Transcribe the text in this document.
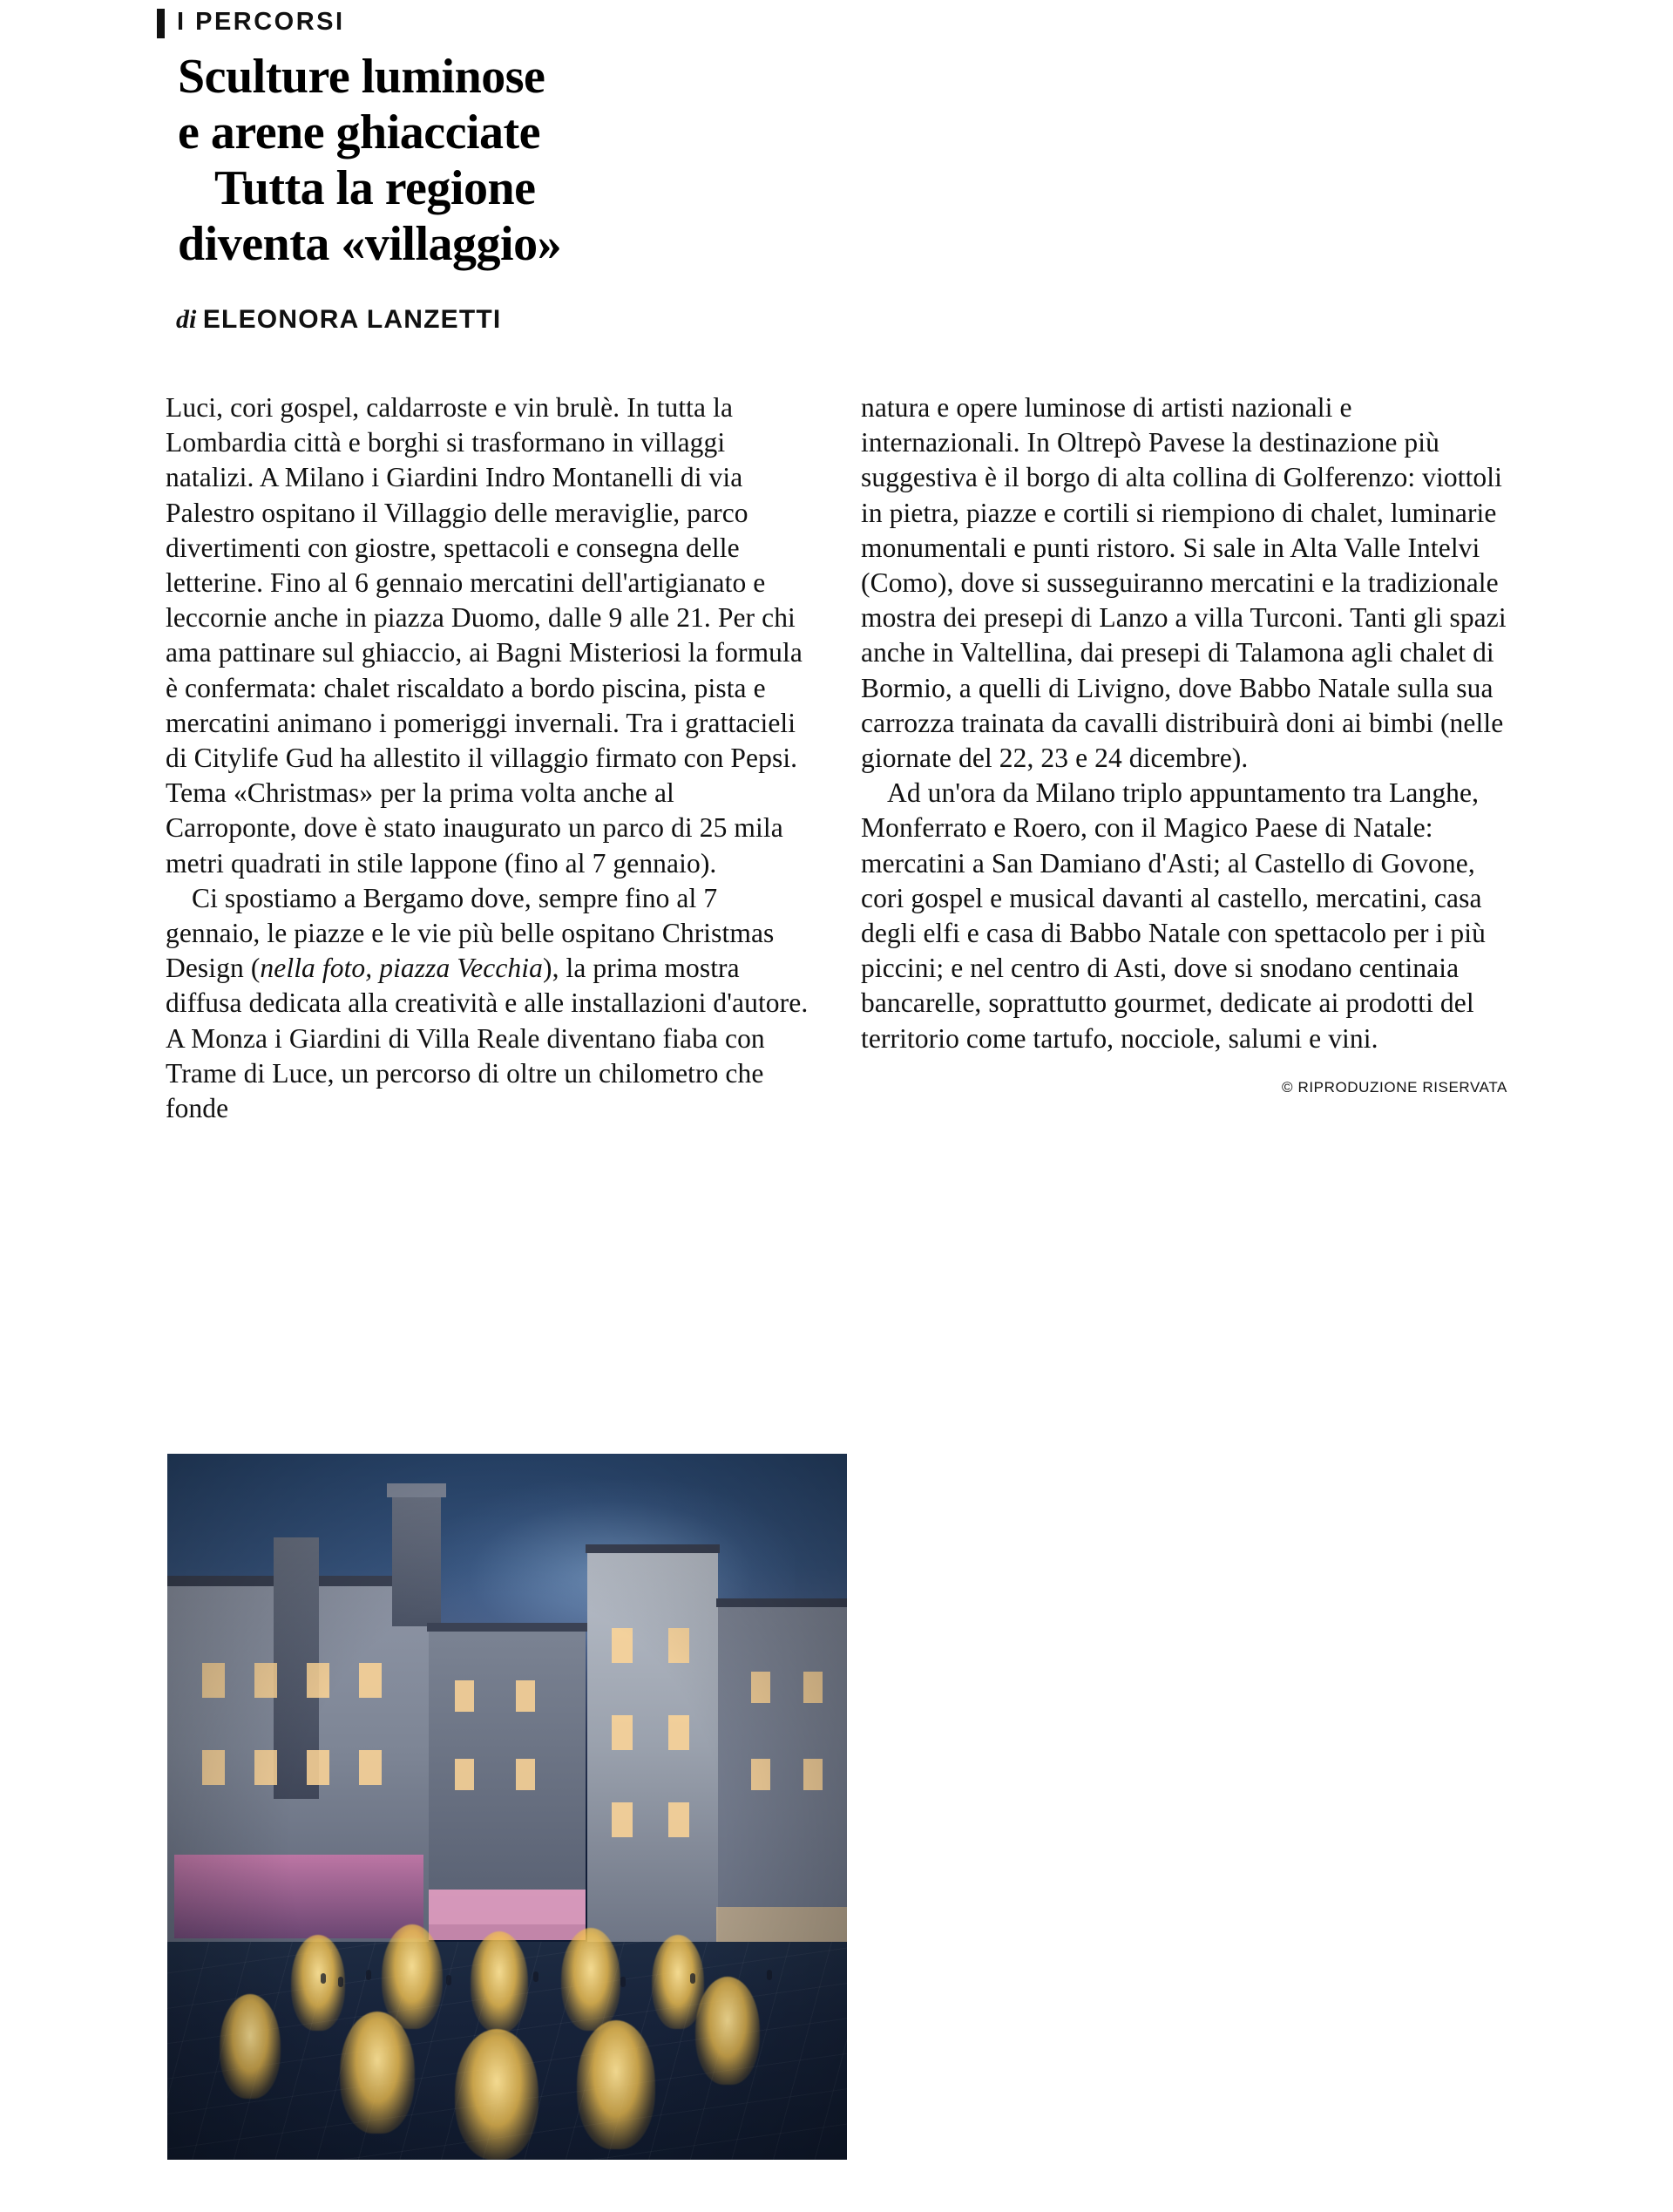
I PERCORSI
Sculture luminose
e arene ghiacciate
Tutta la regione
diventa «villaggio»
di ELEONORA LANZETTI

Luci, cori gospel, caldarroste e vin brulè. In tutta la Lombardia città e borghi si trasformano in villaggi natalizi. A Milano i Giardini Indro Montanelli di via Palestro ospitano il Villaggio delle meraviglie, parco divertimenti con giostre, spettacoli e consegna delle letterine. Fino al 6 gennaio mercatini dell'artigianato e leccornie anche in piazza Duomo, dalle 9 alle 21. Per chi ama pattinare sul ghiaccio, ai Bagni Misteriosi la formula è confermata: chalet riscaldato a bordo piscina, pista e mercatini animano i pomeriggi invernali. Tra i grattacieli di Citylife Gud ha allestito il villaggio firmato con Pepsi. Tema «Christmas» per la prima volta anche al Carroponte, dove è stato inaugurato un parco di 25 mila metri quadrati in stile lappone (fino al 7 gennaio).

Ci spostiamo a Bergamo dove, sempre fino al 7 gennaio, le piazze e le vie più belle ospitano Christmas Design (nella foto, piazza Vecchia), la prima mostra diffusa dedicata alla creatività e alle installazioni d'autore. A Monza i Giardini di Villa Reale diventano fiaba con Trame di Luce, un percorso di oltre un chilometro che fonde

natura e opere luminose di artisti nazionali e internazionali. In Oltrepò Pavese la destinazione più suggestiva è il borgo di alta collina di Golferenzo: viottoli in pietra, piazze e cortili si riempiono di chalet, luminarie monumentali e punti ristoro. Si sale in Alta Valle Intelvi (Como), dove si susseguiranno mercatini e la tradizionale mostra dei presepi di Lanzo a villa Turconi. Tanti gli spazi anche in Valtellina, dai presepi di Talamona agli chalet di Bormio, a quelli di Livigno, dove Babbo Natale sulla sua carrozza trainata da cavalli distribuirà doni ai bimbi (nelle giornate del 22, 23 e 24 dicembre).

Ad un'ora da Milano triplo appuntamento tra Langhe, Monferrato e Roero, con il Magico Paese di Natale: mercatini a San Damiano d'Asti; al Castello di Govone, cori gospel e musical davanti al castello, mercatini, casa degli elfi e casa di Babbo Natale con spettacolo per i più piccini; e nel centro di Asti, dove si snodano centinaia bancarelle, soprattutto gourmet, dedicate ai prodotti del territorio come tartufo, nocciole, salumi e vini.

© RIPRODUZIONE RISERVATA
